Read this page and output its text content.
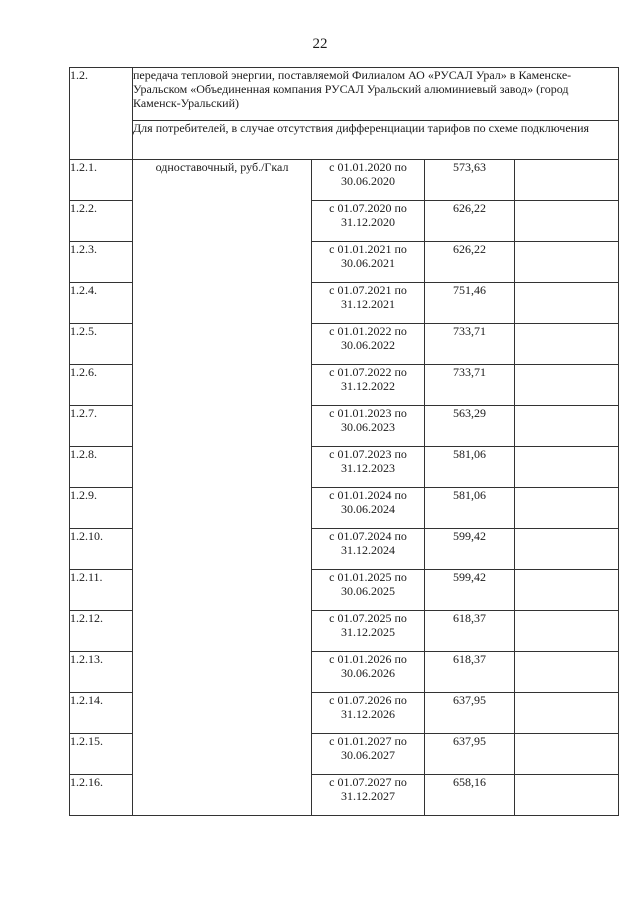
22
1.2.	передача тепловой энергии, поставляемой Филиалом АО «РУСАЛ Урал» в Каменске-Уральском «Объединенная компания РУСАЛ Уральский алюминиевый завод» (город Каменск-Уральский)			
	Для потребителей, в случае отсутствия дифференциации тарифов по схеме подключения			
1.2.1.	одноставочный, руб./Гкал	с 01.01.2020 по 30.06.2020	573,63	
1.2.2.		с 01.07.2020 по 31.12.2020	626,22	
1.2.3.		с 01.01.2021 по 30.06.2021	626,22	
1.2.4.		с 01.07.2021 по 31.12.2021	751,46	
1.2.5.		с 01.01.2022 по 30.06.2022	733,71	
1.2.6.		с 01.07.2022 по 31.12.2022	733,71	
1.2.7.		с 01.01.2023 по 30.06.2023	563,29	
1.2.8.		с 01.07.2023 по 31.12.2023	581,06	
1.2.9.		с 01.01.2024 по 30.06.2024	581,06	
1.2.10.		с 01.07.2024 по 31.12.2024	599,42	
1.2.11.		с 01.01.2025 по 30.06.2025	599,42	
1.2.12.		с 01.07.2025 по 31.12.2025	618,37	
1.2.13.		с 01.01.2026 по 30.06.2026	618,37	
1.2.14.		с 01.07.2026 по 31.12.2026	637,95	
1.2.15.		с 01.01.2027 по 30.06.2027	637,95	
1.2.16.		с 01.07.2027 по 31.12.2027	658,16	
